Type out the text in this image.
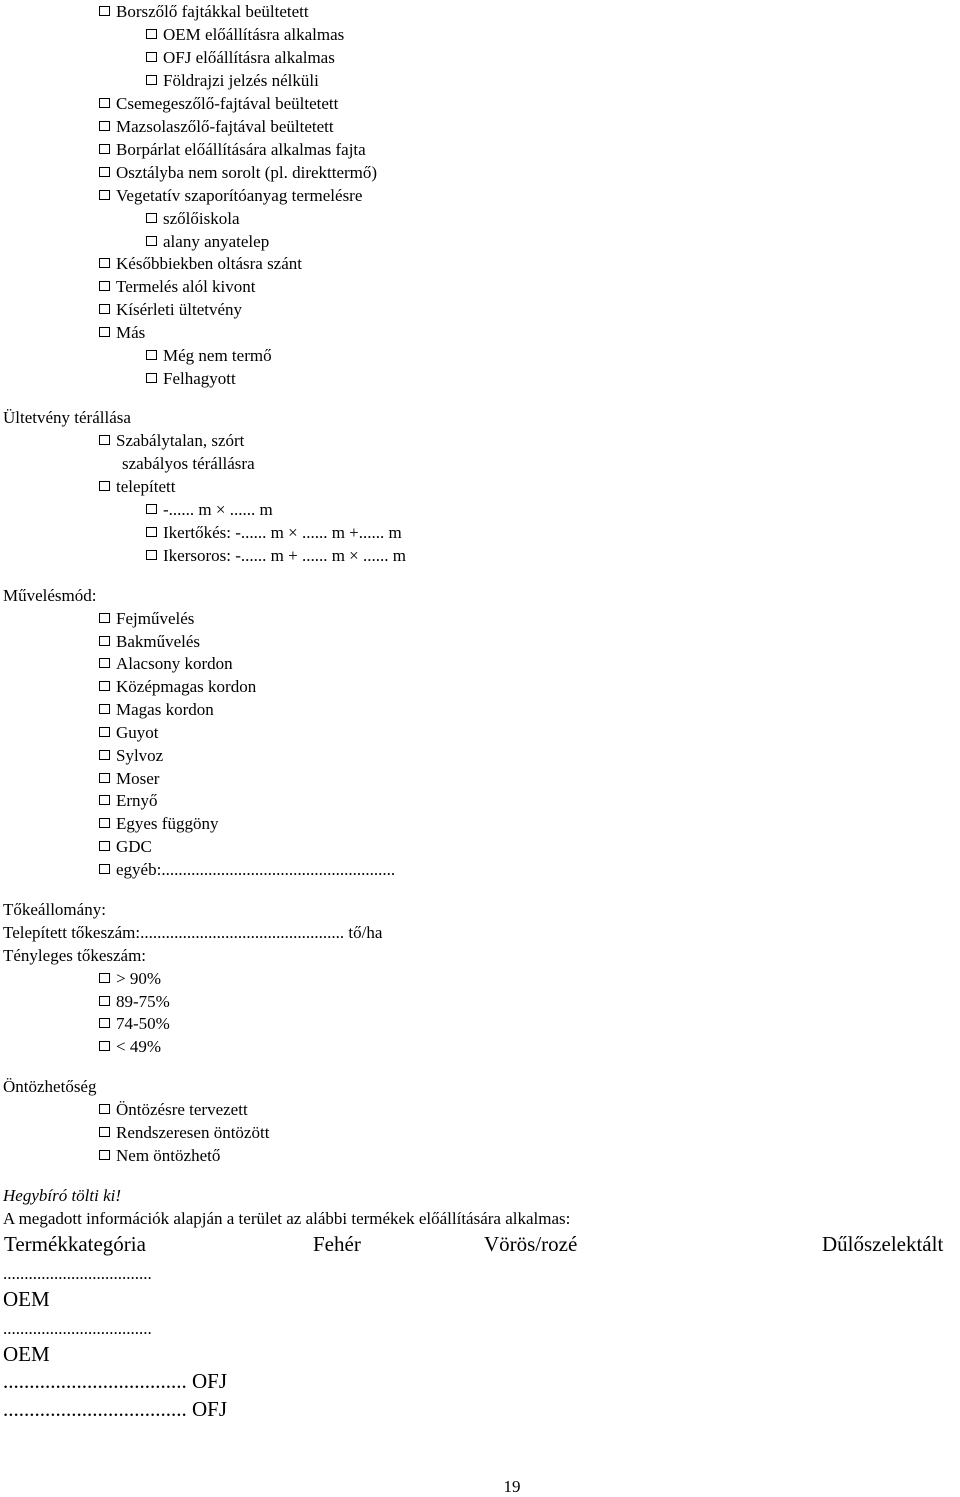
Borszőlő fajtákkal beültetett
OEM előállításra alkalmas
OFJ előállításra alkalmas
Földrajzi jelzés nélküli
Csemegeszőlő-fajtával beültetett
Mazsolaszőlő-fajtával beültetett
Borpárlat előállítására alkalmas fajta
Osztályba nem sorolt (pl. direkttermő)
Vegetatív szaporítóanyag termelésre
szőlőiskola
alany anyatelep
Későbbiekben oltásra szánt
Termelés alól kivont
Kísérleti ültetvény
Más
Még nem termő
Felhagyott
Ültetvény térállása
Szabálytalan, szórt
szabályos térállásra
telepített
-...... m × ...... m
Ikertőkés: -...... m × ...... m +...... m
Ikersoros: -...... m + ...... m × ...... m
Művelésmód:
Fejművelés
Bakművelés
Alacsony kordon
Középmagas kordon
Magas kordon
Guyot
Sylvoz
Moser
Ernyő
Egyes függöny
GDC
egyéb:.......................................................
Tőkeállomány:
Telepített tőkeszám:................................................ tő/ha
Tényleges tőkeszám:
> 90%
89-75%
74-50%
< 49%
Öntözhetőség
Öntözésre tervezett
Rendszeresen öntözött
Nem öntözhető
Hegybíró tölti ki!
A megadott információk alapján a terület az alábbi termékek előállítására alkalmas:
Termékkategória	Fehér	Vörös/rozé	Dűlőszelektált
...................................
OEM
...................................
OEM
................................... OFJ
................................... OFJ
19
